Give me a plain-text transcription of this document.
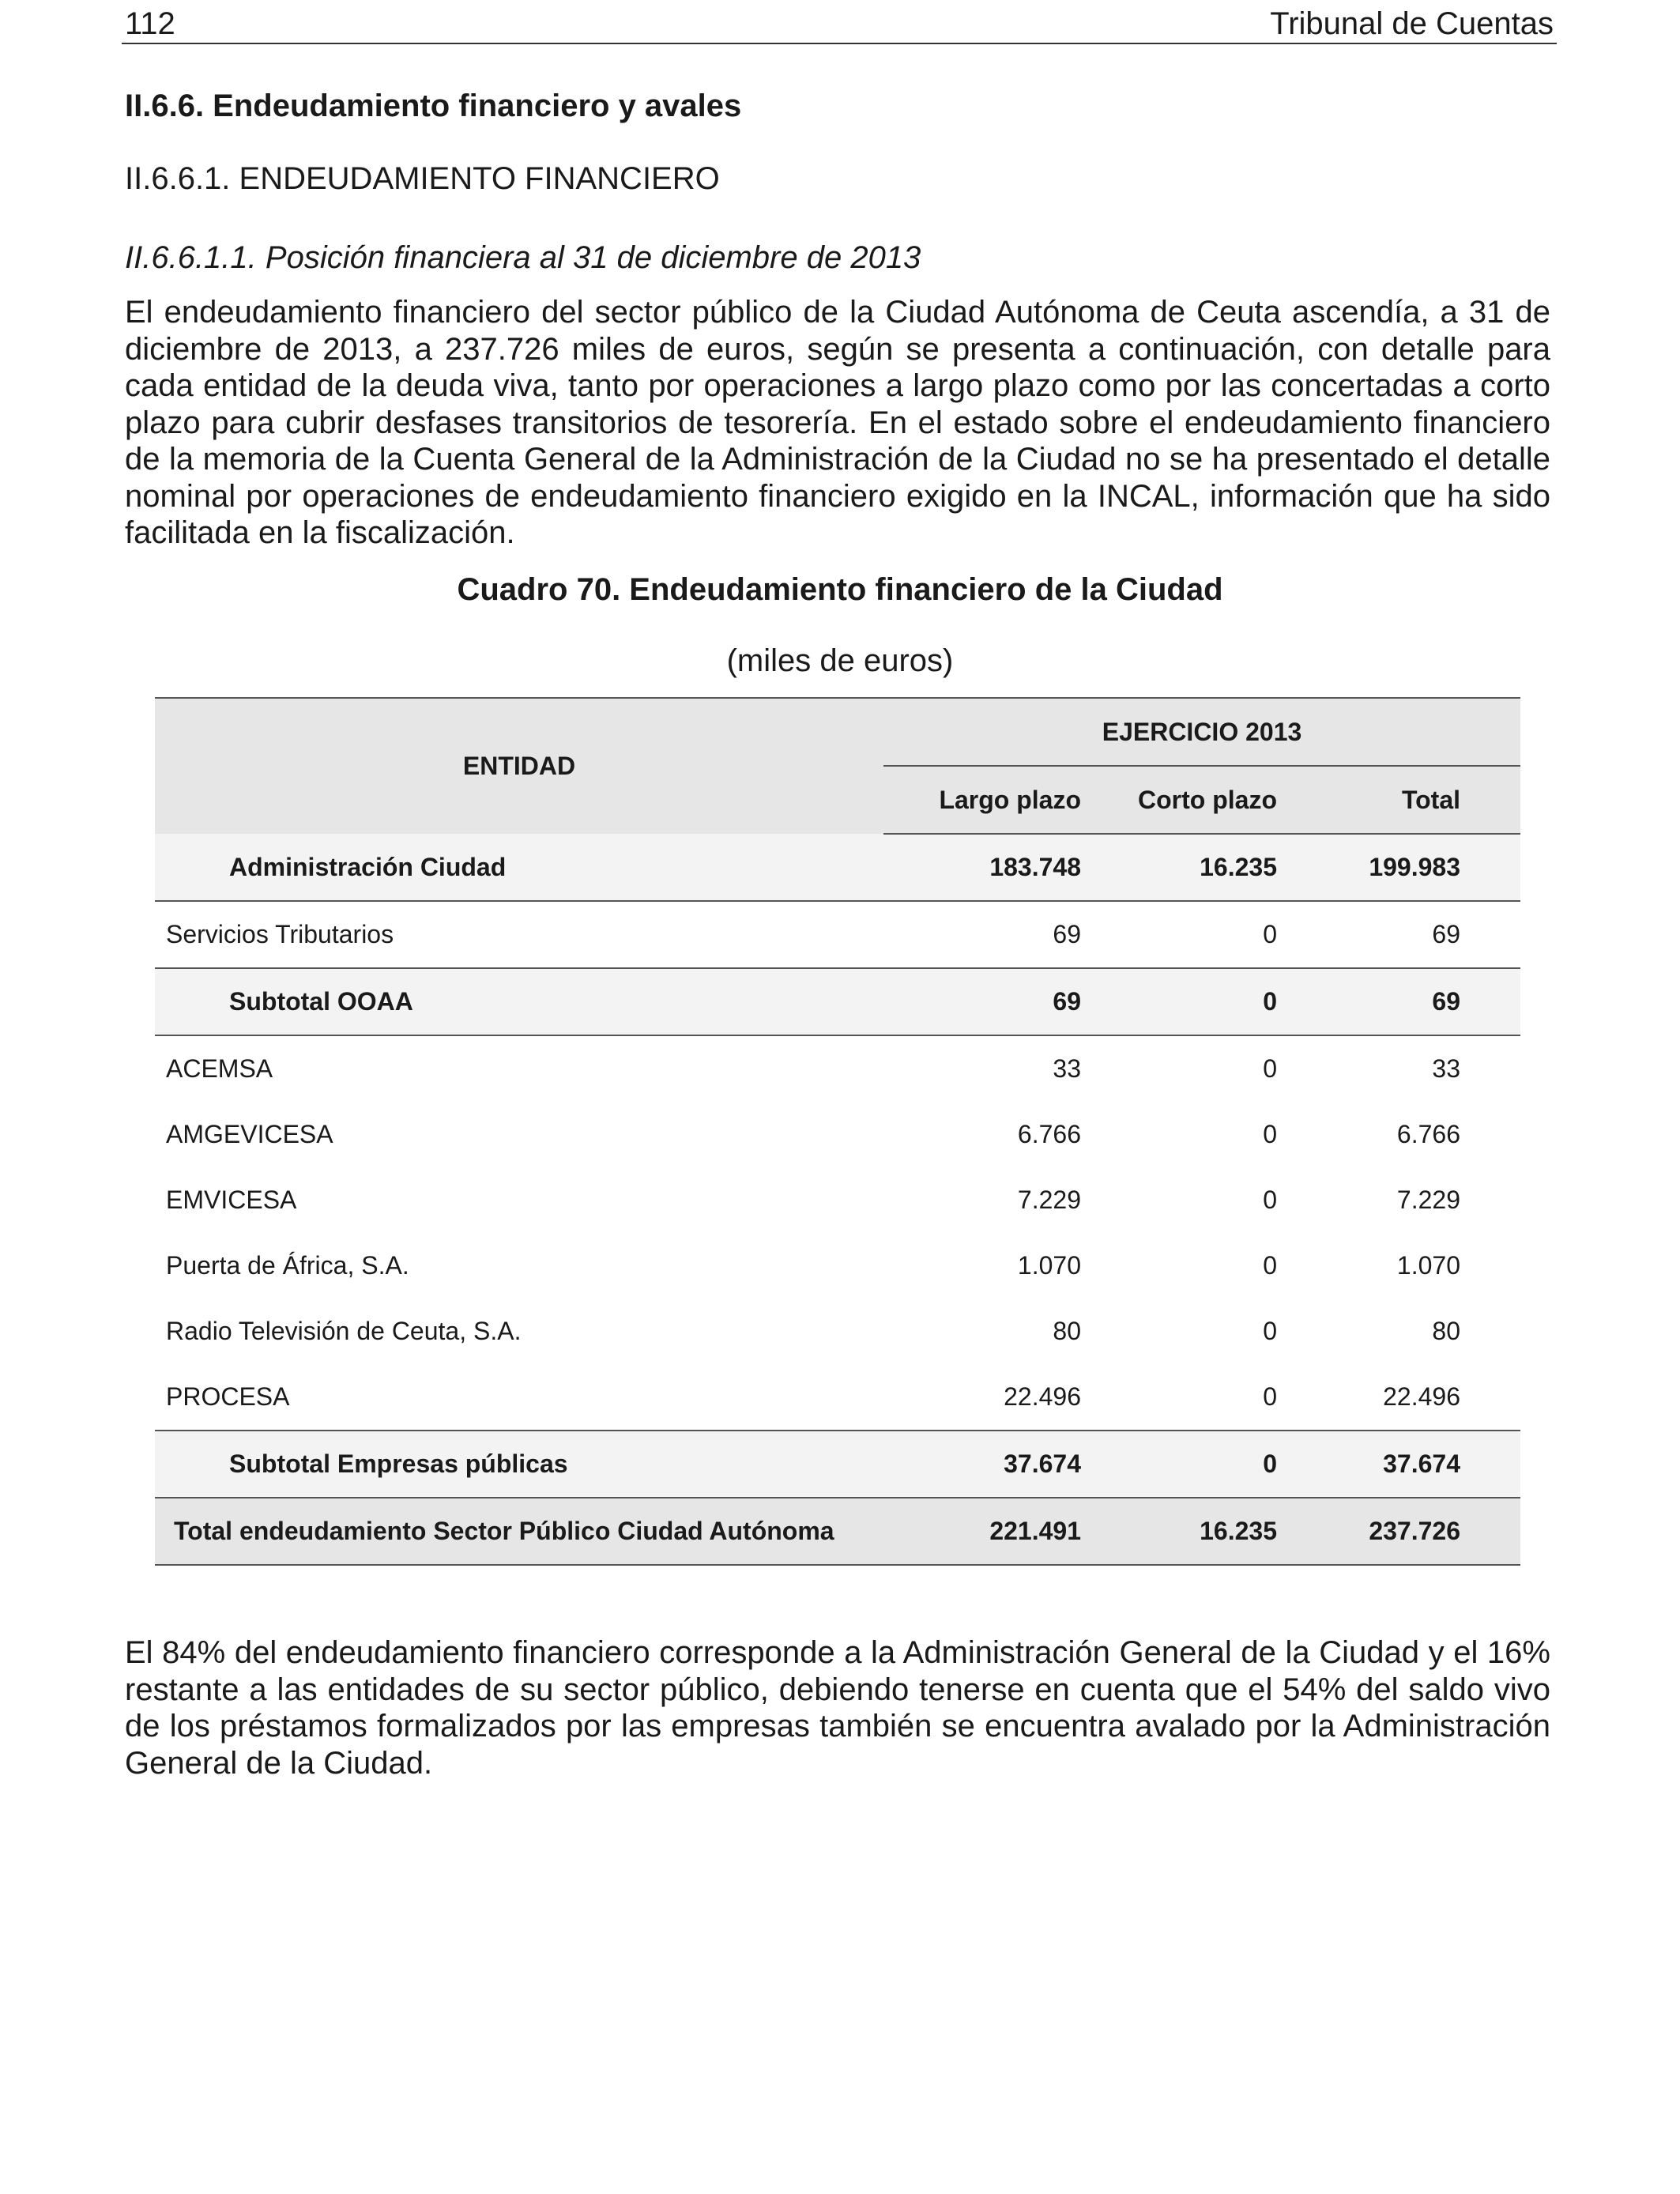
112	Tribunal de Cuentas
II.6.6. Endeudamiento financiero y avales
II.6.6.1. ENDEUDAMIENTO FINANCIERO
II.6.6.1.1. Posición financiera al 31 de diciembre de 2013

El endeudamiento financiero del sector público de la Ciudad Autónoma de Ceuta ascendía, a 31 de diciembre de 2013, a 237.726 miles de euros, según se presenta a continuación, con detalle para cada entidad de la deuda viva, tanto por operaciones a largo plazo como por las concertadas a corto plazo para cubrir desfases transitorios de tesorería. En el estado sobre el endeudamiento financiero de la memoria de la Cuenta General de la Administración de la Ciudad no se ha presentado el detalle nominal por operaciones de endeudamiento financiero exigido en la INCAL, información que ha sido facilitada en la fiscalización.

Cuadro 70. Endeudamiento financiero de la Ciudad

(miles de euros)

ENTIDAD	EJERCICIO 2013		
	Largo plazo	Corto plazo	Total
Administración Ciudad	183.748	16.235	199.983
Servicios Tributarios	69	0	69
Subtotal OOAA	69	0	69
ACEMSA	33	0	33
AMGEVICESA	6.766	0	6.766
EMVICESA	7.229	0	7.229
Puerta de África, S.A.	1.070	0	1.070
Radio Televisión de Ceuta, S.A.	80	0	80
PROCESA	22.496	0	22.496
Subtotal Empresas públicas	37.674	0	37.674
Total endeudamiento Sector Público Ciudad Autónoma	221.491	16.235	237.726

El 84% del endeudamiento financiero corresponde a la Administración General de la Ciudad y el 16% restante a las entidades de su sector público, debiendo tenerse en cuenta que el 54% del saldo vivo de los préstamos formalizados por las empresas también se encuentra avalado por la Administración General de la Ciudad.
